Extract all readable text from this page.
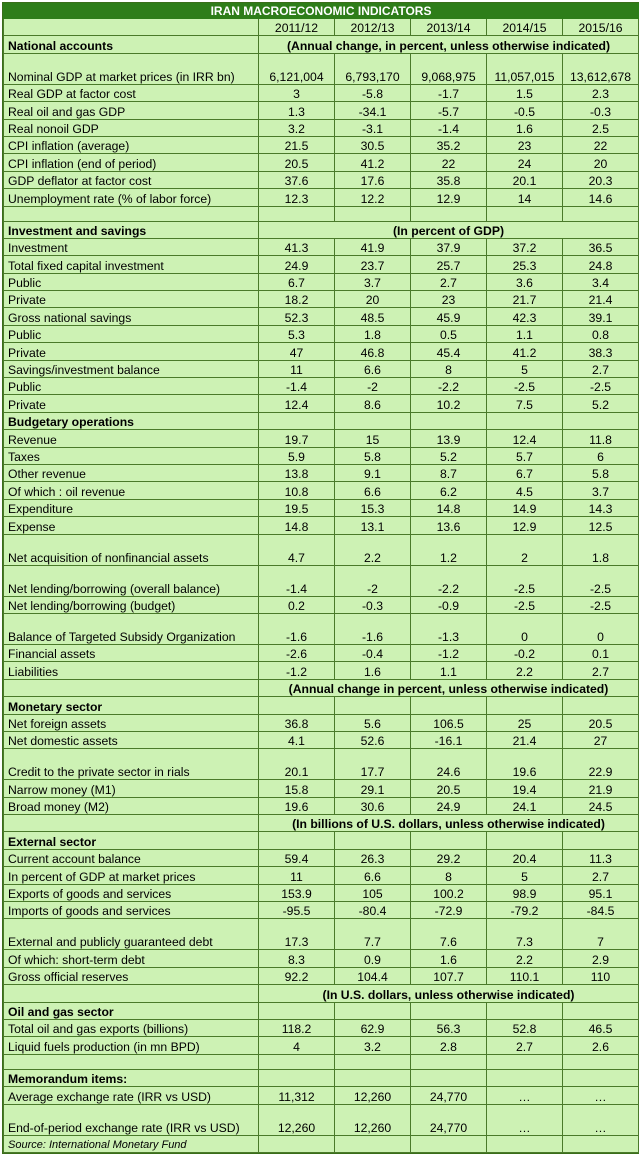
IRAN MACROECONOMIC INDICATORS					
	2011/12	2012/13	2013/14	2014/15	2015/16
National accounts	(Annual change, in percent, unless otherwise indicated)				
Nominal GDP at market prices (in IRR bn)	6,121,004	6,793,170	9,068,975	11,057,015	13,612,678
Real GDP at factor cost	3	-5.8	-1.7	1.5	2.3
Real oil and gas GDP	1.3	-34.1	-5.7	-0.5	-0.3
Real nonoil GDP	3.2	-3.1	-1.4	1.6	2.5
CPI inflation (average)	21.5	30.5	35.2	23	22
CPI inflation (end of period)	20.5	41.2	22	24	20
GDP deflator at factor cost	37.6	17.6	35.8	20.1	20.3
Unemployment rate (% of labor force)	12.3	12.2	12.9	14	14.6

Investment and savings	(In percent of GDP)				
Investment	41.3	41.9	37.9	37.2	36.5
Total fixed capital investment	24.9	23.7	25.7	25.3	24.8
Public	6.7	3.7	2.7	3.6	3.4
Private	18.2	20	23	21.7	21.4
Gross national savings	52.3	48.5	45.9	42.3	39.1
Public	5.3	1.8	0.5	1.1	0.8
Private	47	46.8	45.4	41.2	38.3
Savings/investment balance	11	6.6	8	5	2.7
Public	-1.4	-2	-2.2	-2.5	-2.5
Private	12.4	8.6	10.2	7.5	5.2
Budgetary operations					
Revenue	19.7	15	13.9	12.4	11.8
Taxes	5.9	5.8	5.2	5.7	6
Other revenue	13.8	9.1	8.7	6.7	5.8
Of which : oil revenue	10.8	6.6	6.2	4.5	3.7
Expenditure	19.5	15.3	14.8	14.9	14.3
Expense	14.8	13.1	13.6	12.9	12.5
Net acquisition of nonfinancial assets	4.7	2.2	1.2	2	1.8
Net lending/borrowing (overall balance)	-1.4	-2	-2.2	-2.5	-2.5
Net lending/borrowing (budget)	0.2	-0.3	-0.9	-2.5	-2.5
Balance of Targeted Subsidy Organization	-1.6	-1.6	-1.3	0	0
Financial assets	-2.6	-0.4	-1.2	-0.2	0.1
Liabilities	-1.2	1.6	1.1	2.2	2.7
	(Annual change in percent, unless otherwise indicated)				
Monetary sector					
Net foreign assets	36.8	5.6	106.5	25	20.5
Net domestic assets	4.1	52.6	-16.1	21.4	27
Credit to the private sector in rials	20.1	17.7	24.6	19.6	22.9
Narrow money (M1)	15.8	29.1	20.5	19.4	21.9
Broad money (M2)	19.6	30.6	24.9	24.1	24.5
	(In billions of U.S. dollars, unless otherwise indicated)				
External sector					
Current account balance	59.4	26.3	29.2	20.4	11.3
In percent of GDP at market prices	11	6.6	8	5	2.7
Exports of goods and services	153.9	105	100.2	98.9	95.1
Imports of goods and services	-95.5	-80.4	-72.9	-79.2	-84.5
External and publicly guaranteed debt	17.3	7.7	7.6	7.3	7
Of which: short-term debt	8.3	0.9	1.6	2.2	2.9
Gross official reserves	92.2	104.4	107.7	110.1	110
	(In U.S. dollars, unless otherwise indicated)				
Oil and gas sector					
Total oil and gas exports (billions)	118.2	62.9	56.3	52.8	46.5
Liquid fuels production (in mn BPD)	4	3.2	2.8	2.7	2.6

Memorandum items:					
Average exchange rate (IRR vs USD)	11,312	12,260	24,770	…	…
End-of-period exchange rate (IRR vs USD)	12,260	12,260	24,770	…	…
Source: International Monetary Fund					
